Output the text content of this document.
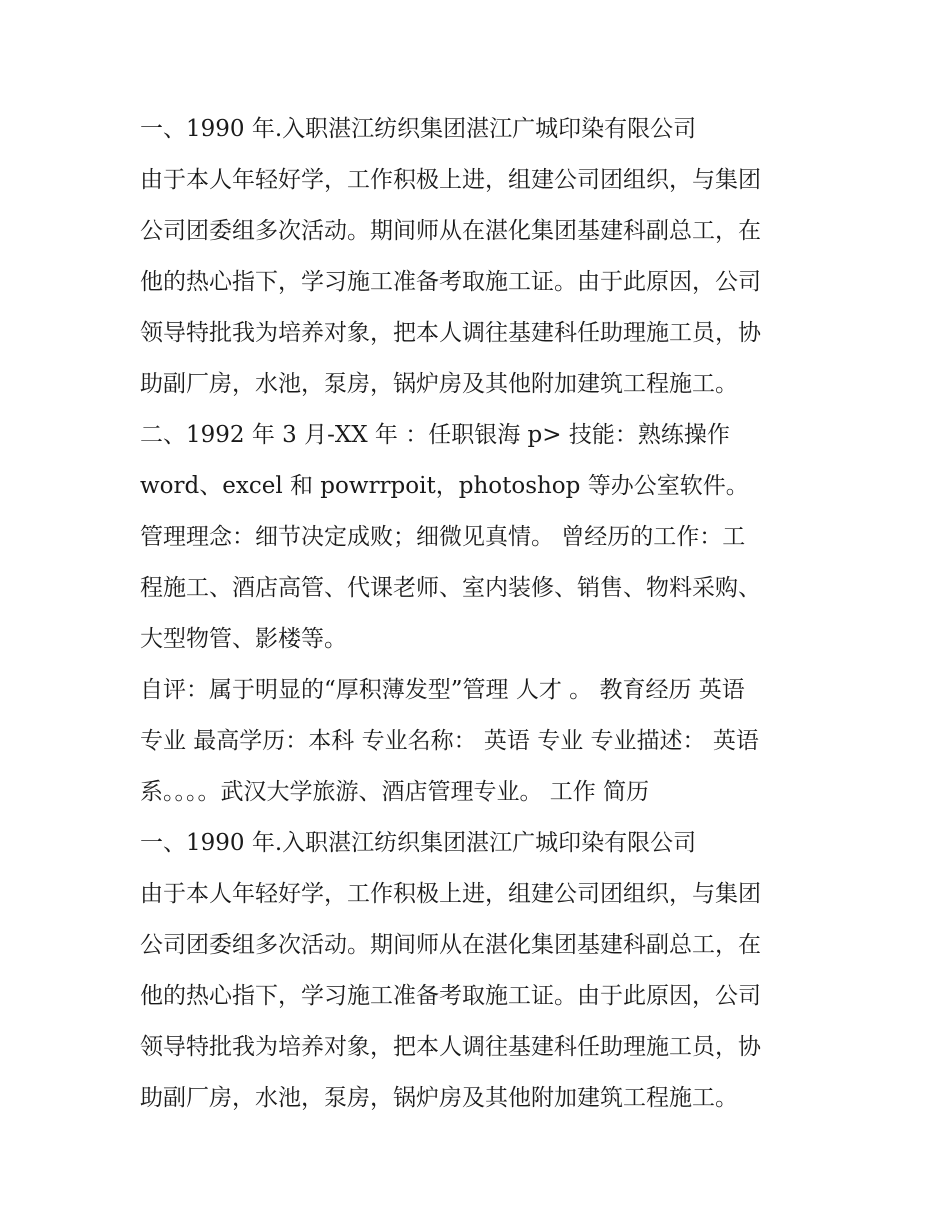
一、1990 年.入职湛江纺织集团湛江广城印染有限公司
由于本人年轻好学，工作积极上进，组建公司团组织，与集团
公司团委组多次活动。期间师从在湛化集团基建科副总工，在
他的热心指下，学习施工准备考取施工证。由于此原因，公司
领导特批我为培养对象，把本人调往基建科任助理施工员，协
助副厂房，水池，泵房，锅炉房及其他附加建筑工程施工。
二、1992 年 3 月-XX 年 ：任职银海 p> 技能：熟练操作
word、excel 和 powrrpoit，photoshop 等办公室软件。
管理理念：细节决定成败；细微见真情。 曾经历的工作：工
程施工、酒店高管、代课老师、室内装修、销售、物料采购、
大型物管、影楼等。
自评：属于明显的“厚积薄发型”管理 人才 。 教育经历 英语
专业 最高学历：本科 专业名称： 英语 专业 专业描述： 英语
系。。。。武汉大学旅游、酒店管理专业。 工作 简历
一、1990 年.入职湛江纺织集团湛江广城印染有限公司
由于本人年轻好学，工作积极上进，组建公司团组织，与集团
公司团委组多次活动。期间师从在湛化集团基建科副总工，在
他的热心指下，学习施工准备考取施工证。由于此原因，公司
领导特批我为培养对象，把本人调往基建科任助理施工员，协
助副厂房，水池，泵房，锅炉房及其他附加建筑工程施工。
